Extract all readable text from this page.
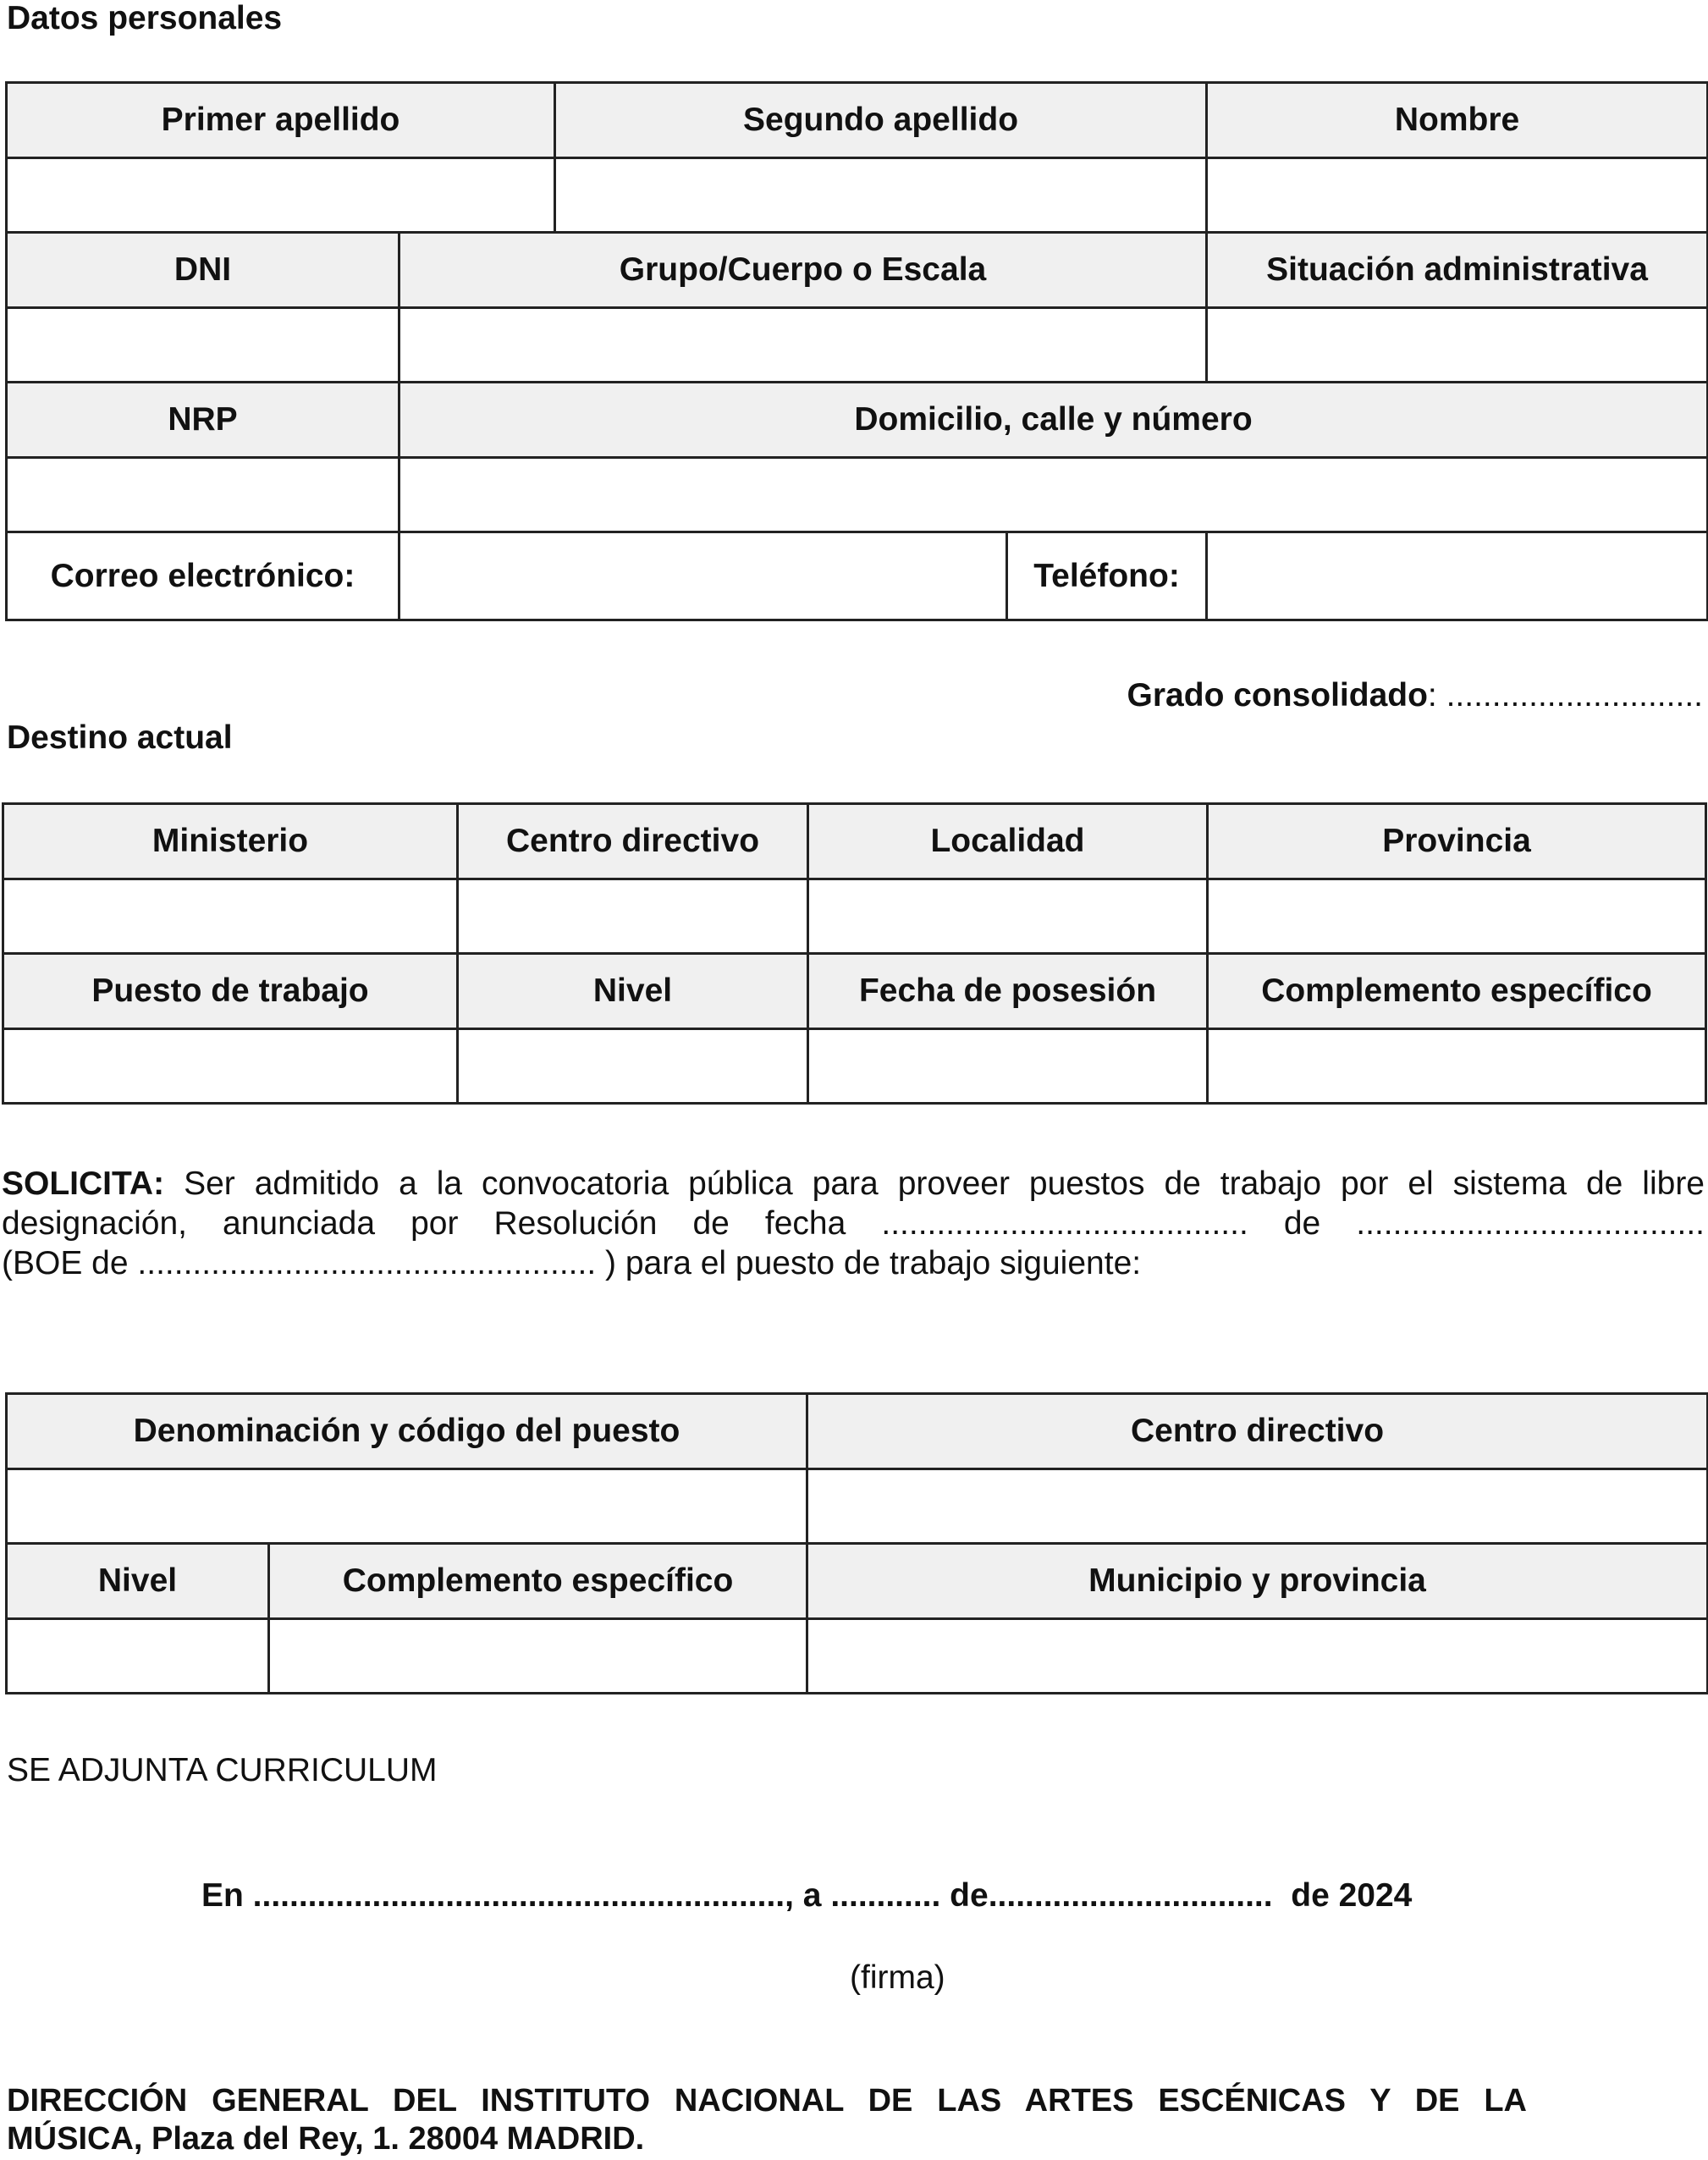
Datos personales
Primer apellido		Segundo apellido		Nombre

DNI	Grupo/Cuerpo o Escala			Situación administrativa

NRP	Domicilio, calle y número			

Correo electrónico:			Teléfono:	
Grado consolidado: ............................
Destino actual
Ministerio	Centro directivo	Localidad	Provincia

Puesto de trabajo	Nivel	Fecha de posesión	Complemento específico

SOLICITA: Ser admitido a la convocatoria pública para proveer puestos de trabajo por el sistema de libre
designación, anunciada por Resolución de fecha ........................................ de ......................................
(BOE de .................................................. ) para el puesto de trabajo siguiente:
Denominación y código del puesto		Centro directivo

Nivel	Complemento específico	Municipio y provincia

SE ADJUNTA CURRICULUM
En .........................................................., a ............ de...............................  de 2024
(firma)
DIRECCIÓN GENERAL DEL INSTITUTO NACIONAL DE LAS ARTES ESCÉNICAS Y DE LA
MÚSICA, Plaza del Rey, 1. 28004 MADRID.
